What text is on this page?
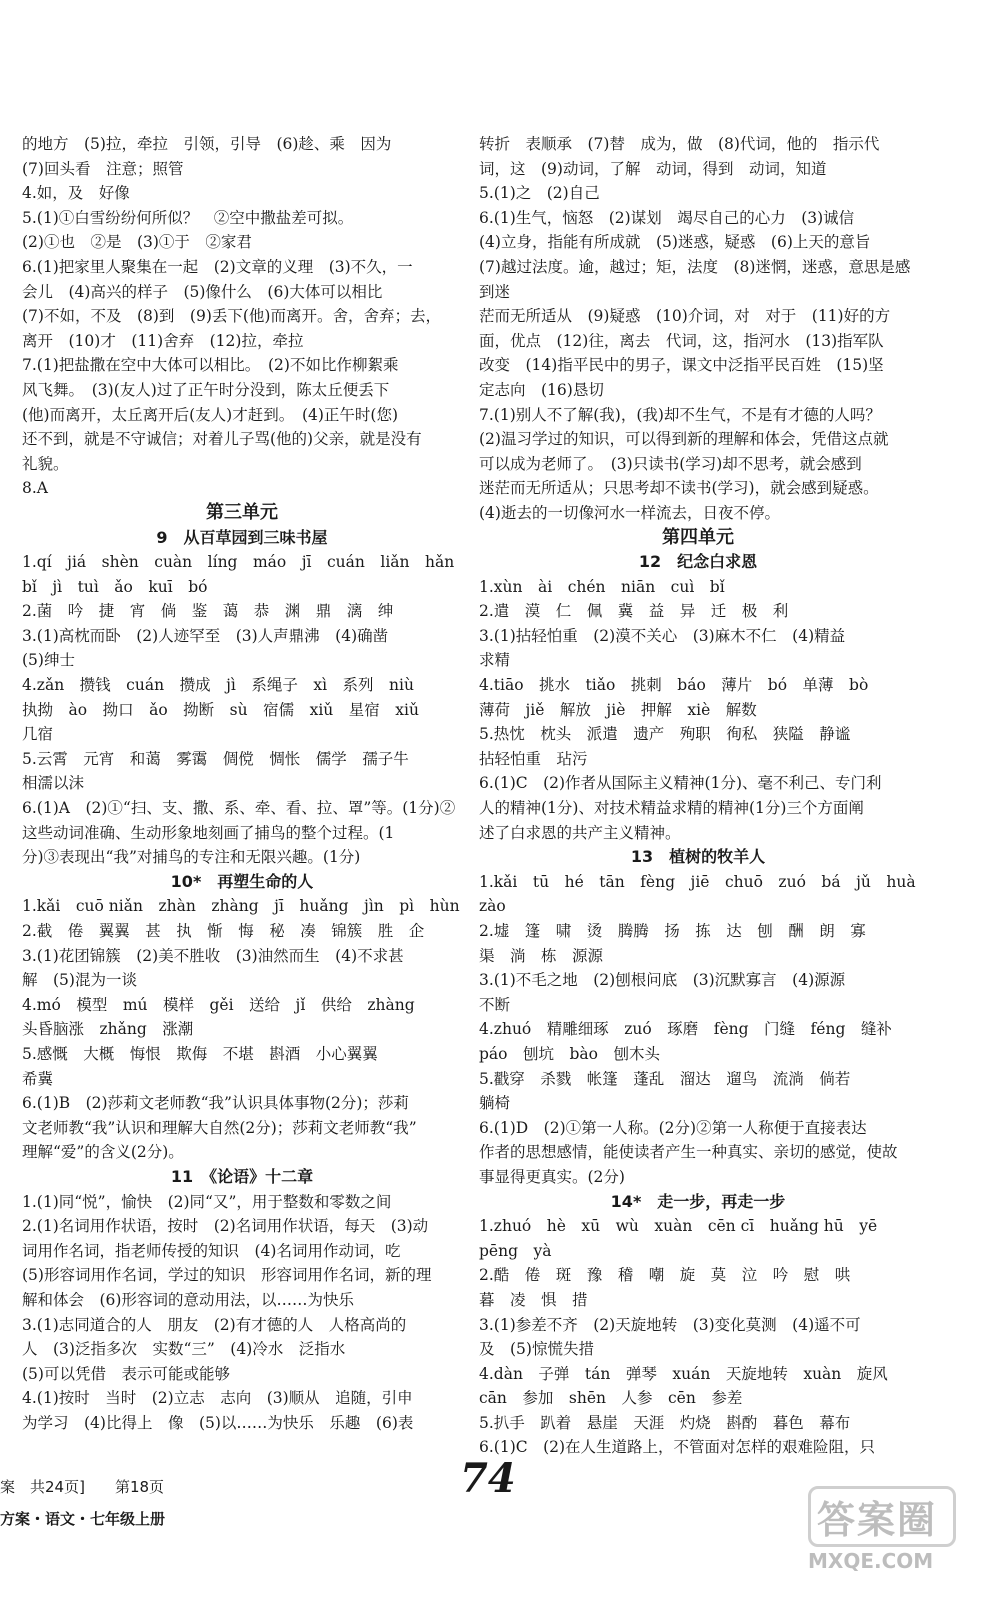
的地方　(5)拉，牵拉　引领，引导　(6)趁、乘　因为

(7)回头看　注意；照管

4.如，及　好像

5.(1)①白雪纷纷何所似？　②空中撒盐差可拟。

(2)①也　②是　(3)①于　②家君

6.(1)把家里人聚集在一起　(2)文章的义理　(3)不久，一

会儿　(4)高兴的样子　(5)像什么　(6)大体可以相比

(7)不如，不及　(8)到　(9)丢下(他)而离开。舍，舍弃；去，

离开　(10)才　(11)舍弃　(12)拉，牵拉

7.(1)把盐撒在空中大体可以相比。　(2)不如比作柳絮乘

风飞舞。　(3)(友人)过了正午时分没到，陈太丘便丢下

(他)而离开，太丘离开后(友人)才赶到。　(4)正午时(您)

还不到，就是不守诚信；对着儿子骂(他的)父亲，就是没有

礼貌。

8.A

第三单元

9　从百草园到三味书屋

1.qí　jiá　shèn　cuàn　líng　máo　jī　cuán　liǎn　hǎn

bǐ　jì　tuì　ǎo　kuī　bó

2.菌　吟　捷　宵　倘　鉴　蔼　恭　渊　鼎　漓　绅

3.(1)高枕而卧　(2)人迹罕至　(3)人声鼎沸　(4)确凿

(5)绅士

4.zǎn　攒钱　cuán　攒成　jì　系绳子　xì　系列　niù

执拗　ào　拗口　ǎo　拗断　sù　宿儒　xiǔ　星宿　xiǔ

几宿

5.云霄　元宵　和蔼　雾霭　倜傥　惆怅　儒学　孺子牛

相濡以沫

6.(1)A　(2)①“扫、支、撒、系、牵、看、拉、罩”等。(1分)②

这些动词准确、生动形象地刻画了捕鸟的整个过程。(1

分)③表现出“我”对捕鸟的专注和无限兴趣。(1分)

10*　再塑生命的人

1.kǎi　cuō niǎn　zhàn　zhàng　jī　huǎng　jìn　pì　hùn

2.截　倦　翼翼　甚　执　惭　悔　秘　凑　锦簇　胜　企

3.(1)花团锦簇　(2)美不胜收　(3)油然而生　(4)不求甚

解　(5)混为一谈

4.mó　模型　mú　模样　gěi　送给　jǐ　供给　zhàng

头昏脑涨　zhǎng　涨潮

5.感慨　大概　悔恨　欺侮　不堪　斟酒　小心翼翼

希冀

6.(1)B　(2)莎莉文老师教“我”认识具体事物(2分)；莎莉

文老师教“我”认识和理解大自然(2分)；莎莉文老师教“我”

理解“爱”的含义(2分)。

11　《论语》十二章

1.(1)同“悦”，愉快　(2)同“又”，用于整数和零数之间

2.(1)名词用作状语，按时　(2)名词用作状语，每天　(3)动

词用作名词，指老师传授的知识　(4)名词用作动词，吃

(5)形容词用作名词，学过的知识　形容词用作名词，新的理

解和体会　(6)形容词的意动用法，以……为快乐

3.(1)志同道合的人　朋友　(2)有才德的人　人格高尚的

人　(3)泛指多次　实数“三”　(4)冷水　泛指水

(5)可以凭借　表示可能或能够

4.(1)按时　当时　(2)立志　志向　(3)顺从　追随，引申

为学习　(4)比得上　像　(5)以……为快乐　乐趣　(6)表

转折　表顺承　(7)替　成为，做　(8)代词，他的　指示代

词，这　(9)动词，了解　动词，得到　动词，知道

5.(1)之　(2)自己

6.(1)生气，恼怒　(2)谋划　竭尽自己的心力　(3)诚信

(4)立身，指能有所成就　(5)迷惑，疑惑　(6)上天的意旨

(7)越过法度。逾，越过；矩，法度　(8)迷惘，迷惑，意思是感到迷

茫而无所适从　(9)疑惑　(10)介词，对　对于　(11)好的方

面，优点　(12)往，离去　代词，这，指河水　(13)指军队

改变　(14)指平民中的男子，课文中泛指平民百姓　(15)坚

定志向　(16)恳切

7.(1)别人不了解(我)，(我)却不生气，不是有才德的人吗？

(2)温习学过的知识，可以得到新的理解和体会，凭借这点就

可以成为老师了。　(3)只读书(学习)却不思考，就会感到

迷茫而无所适从；只思考却不读书(学习)，就会感到疑惑。

(4)逝去的一切像河水一样流去，日夜不停。

第四单元

12　纪念白求恩

1.xùn　ài　chén　niān　cuì　bǐ

2.遣　漠　仁　佩　冀　益　异　迁　极　利

3.(1)拈轻怕重　(2)漠不关心　(3)麻木不仁　(4)精益

求精

4.tiāo　挑水　tiǎo　挑刺　báo　薄片　bó　单薄　bò

薄荷　jiě　解放　jiè　押解　xiè　解数

5.热忱　枕头　派遣　遗产　殉职　徇私　狭隘　静谧

拈轻怕重　玷污

6.(1)C　(2)作者从国际主义精神(1分)、毫不利己、专门利

人的精神(1分)、对技术精益求精的精神(1分)三个方面阐

述了白求恩的共产主义精神。

13　植树的牧羊人

1.kǎi　tū　hé　tān　fèng　jiē　chuō　zuó　bá　jǔ　huà

zào

2.墟　篷　啸　烫　腾腾　扬　拣　达　刨　酬　朗　寡

渠　淌　栋　源源

3.(1)不毛之地　(2)刨根问底　(3)沉默寡言　(4)源源

不断

4.zhuó　精雕细琢　zuó　琢磨　fèng　门缝　féng　缝补

páo　刨坑　bào　刨木头

5.戳穿　杀戮　帐篷　蓬乱　溜达　遛鸟　流淌　倘若

躺椅

6.(1)D　(2)①第一人称。(2分)②第一人称便于直接表达

作者的思想感情，能使读者产生一种真实、亲切的感觉，使故

事显得更真实。(2分)

14*　走一步，再走一步

1.zhuó　hè　xū　wù　xuàn　cēn cī　huǎng hū　yē

pēng　yà

2.酷　倦　斑　豫　稽　嘲　旋　莫　泣　吟　慰　哄

暮　凌　惧　措

3.(1)参差不齐　(2)天旋地转　(3)变化莫测　(4)遥不可

及　(5)惊慌失措

4.dàn　子弹　tán　弹琴　xuán　天旋地转　xuàn　旋风

cān　参加　shēn　人参　cēn　参差

5.扒手　趴着　悬崖　天涯　灼烧　斟酌　暮色　幕布

6.(1)C　(2)在人生道路上，不管面对怎样的艰难险阻，只

案　共24页]　　第18页
方案・语文・七年级上册
74
答案圈
MXQE.COM
